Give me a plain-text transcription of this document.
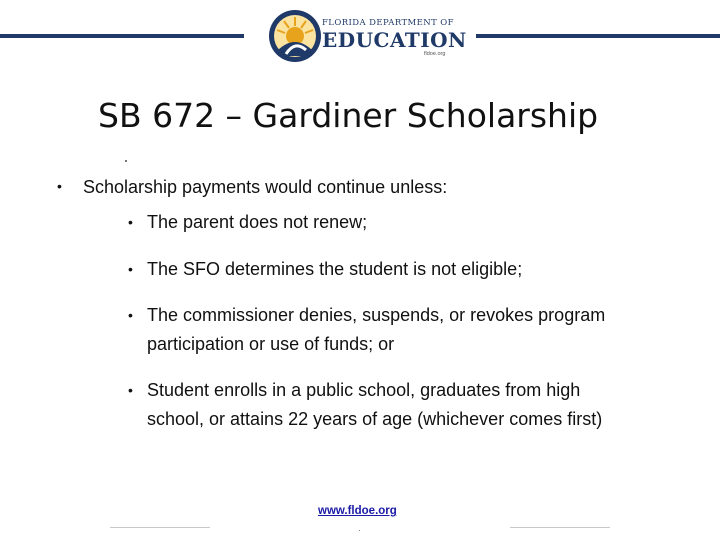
FLORIDA DEPARTMENT OF
EDUCATION
fldoe.org
SB 672 – Gardiner Scholarship
• Scholarship payments would continue unless:
• The parent does not renew;
• The SFO determines the student is not eligible;
• The commissioner denies, suspends, or revokes program participation or use of funds; or
• Student enrolls in a public school, graduates from high school, or attains 22 years of age (whichever comes first)
www.fldoe.org
